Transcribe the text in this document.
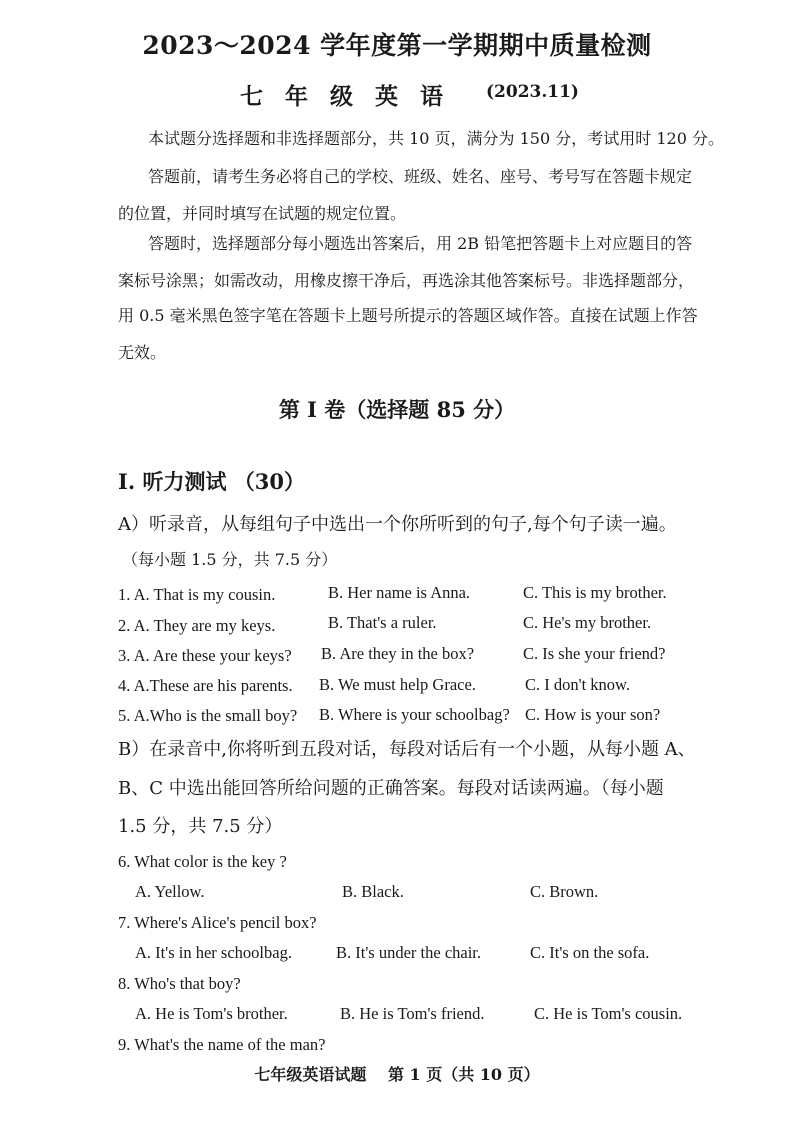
2023～2024 学年度第一学期期中质量检测
七 年 级 英 语 (2023.11)
本试题分选择题和非选择题部分，共 10 页，满分为 150 分，考试用时 120 分。
答题前，请考生务必将自己的学校、班级、姓名、座号、考号写在答题卡规定
的位置，并同时填写在试题的规定位置。
答题时，选择题部分每小题选出答案后，用 2B 铅笔把答题卡上对应题目的答
案标号涂黑；如需改动，用橡皮擦干净后，再选涂其他答案标号。非选择题部分，
用 0.5 毫米黑色签字笔在答题卡上题号所提示的答题区域作答。直接在试题上作答
无效。
第 I 卷（选择题 85 分）
I. 听力测试 （30）
A）听录音，从每组句子中选出一个你所听到的句子,每个句子读一遍。
（每小题 1.5 分，共 7.5 分）
1. A. That is my cousin.	B. Her name is Anna.	C. This is my brother.
2. A. They are my keys.	B. That's a ruler.	C. He's my brother.
3. A. Are these your keys? B. Are they in the box?	C. Is she your friend?
4. A.These are his parents. B. We must help Grace.	C. I don't know.
5. A.Who is the small boy? B. Where is your schoolbag? C. How is your son?
B）在录音中,你将听到五段对话，每段对话后有一个小题，从每小题 A、
B、C 中选出能回答所给问题的正确答案。每段对话读两遍。（每小题
1.5 分，共 7.5 分）
6. What color is the key ?
A. Yellow.	B. Black.	C. Brown.
7. Where's Alice's pencil box?
A. It's in her schoolbag.	B. It's under the chair.	C. It's on the sofa.
8. Who's that boy?
A. He is Tom's brother.	B. He is Tom's friend.	C. He is Tom's cousin.
9. What's the name of the man?
七年级英语试题 第 1 页（共 10 页）
